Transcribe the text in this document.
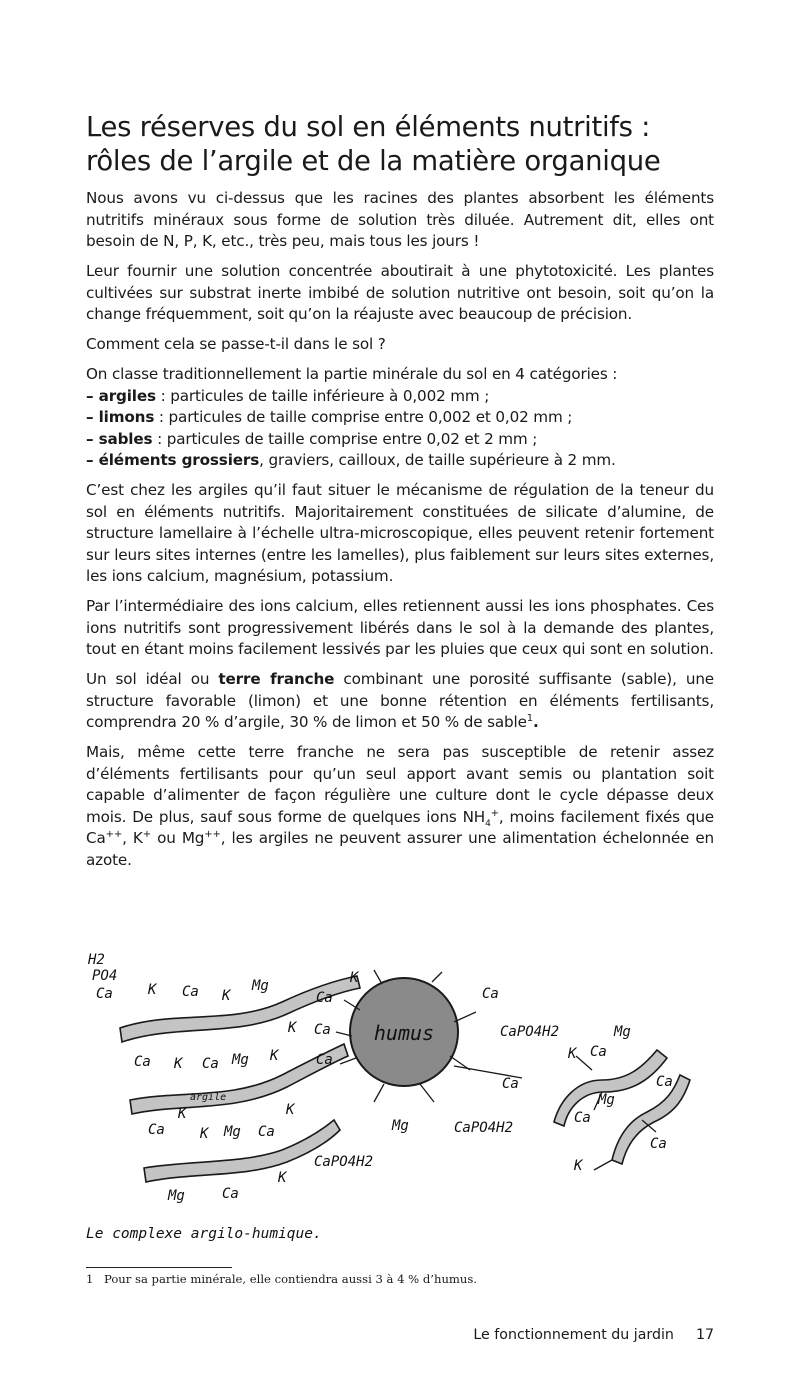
Les réserves du sol en éléments nutritifs :
rôles de l’argile et de la matière organique

Nous avons vu ci-dessus que les racines des plantes absorbent les éléments nutritifs minéraux sous forme de solution très diluée. Autrement dit, elles ont besoin de N, P, K, etc., très peu, mais tous les jours !

Leur fournir une solution concentrée aboutirait à une phytotoxicité. Les plantes cultivées sur substrat inerte imbibé de solution nutritive ont besoin, soit qu’on la change fréquemment, soit qu’on la réajuste avec beaucoup de précision.

Comment cela se passe-t-il dans le sol ?

On classe traditionnellement la partie minérale du sol en 4 catégories :

– argiles : particules de taille inférieure à 0,002 mm ;

– limons : particules de taille comprise entre 0,002 et 0,02 mm ;

– sables : particules de taille comprise entre 0,02 et 2 mm ;

– éléments grossiers, graviers, cailloux, de taille supérieure à 2 mm.

C’est chez les argiles qu’il faut situer le mécanisme de régulation de la teneur du sol en éléments nutritifs. Majoritairement constituées de silicate d’alumine, de structure lamellaire à l’échelle ultra-microscopique, elles peuvent retenir fortement sur leurs sites internes (entre les lamelles), plus faiblement sur leurs sites externes, les ions calcium, magnésium, potassium.

Par l’intermédiaire des ions calcium, elles retiennent aussi les ions phosphates. Ces ions nutritifs sont progressivement libérés dans le sol à la demande des plantes, tout en étant moins facilement lessivés par les pluies que ceux qui sont en solution.

Un sol idéal ou terre franche combinant une porosité suffisante (sable), une structure favorable (limon) et une bonne rétention en éléments fertilisants, comprendra 20 % d’argile, 30 % de limon et 50 % de sable$^1$.

Mais, même cette terre franche ne sera pas susceptible de retenir assez d’éléments fertilisants pour qu’un seul apport avant semis ou plantation soit capable d’alimenter de façon régulière une culture dont le cycle dépasse deux mois. De plus, sauf sous forme de quelques ions $NH_4^+$, moins facilement fixés que Ca++, K+ ou Mg++, les argiles ne peuvent assurer une alimentation échelonnée en azote.

humus
argile
H2
PO4
Ca	K Ca K
Mg
Ca
K
K Ca
Ca
Ca K Ca Mg K
Ca
K
K Mg Ca
K
Mg	Ca
K
CaPO4H2
Ca
CaPO4H2
Ca
Mg	CaPO4H2
K Ca
Mg
Mg
Ca
Ca
Ca
K
Le complexe argilo-humique.
1 Pour sa partie minérale, elle contiendra aussi 3 à 4 % d’humus.
Le fonctionnement du jardin 17
